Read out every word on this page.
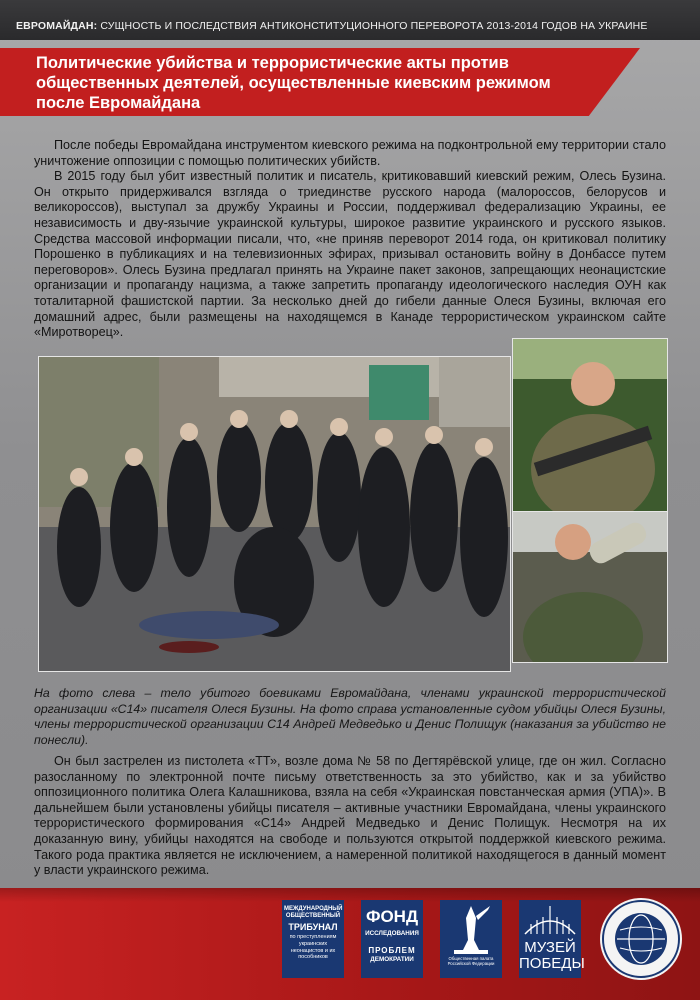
ЕВРОМАЙДАН: СУЩНОСТЬ И ПОСЛЕДСТВИЯ АНТИКОНСТИТУЦИОННОГО ПЕРЕВОРОТА 2013-2014 ГОДОВ НА УКРАИНЕ
Политические убийства и террористические акты против общественных деятелей, осуществленные киевским режимом после Евромайдана

После победы Евромайдана инструментом киевского режима на подконтрольной ему территории стало уничтожение оппозиции с помощью политических убийств.

В 2015 году был убит известный политик и писатель, критиковавший киевский режим, Олесь Бузина. Он открыто придерживался взгляда о триединстве русского народа (малороссов, белорусов и великороссов), выступал за дружбу Украины и России, поддерживал федерализацию Украины, ее независимость и дву-язычие украинской культуры, широкое развитие украинского и русского языков. Средства массовой информации писали, что, «не приняв переворот 2014 года, он критиковал политику Порошенко в публикациях и на телевизионных эфирах, призывал остановить войну в Донбассе путем переговоров». Олесь Бузина предлагал принять на Украине пакет законов, запрещающих неонацистские организации и пропаганду нацизма, а также запретить пропаганду идеологического наследия ОУН как тоталитарной фашистской партии. За несколько дней до гибели данные Олеся Бузины, включая его домашний адрес, были размещены на находящемся в Канаде террористическом украинском сайте «Миротворец».

На фото слева – тело убитого боевиками Евромайдана, членами украинской террористической организации «С14» писателя Олеся Бузины. На фото справа установленные судом убийцы Олеся Бузины, члены террористической организации С14 Андрей Медведько и Денис Полищук (наказания за убийство не понесли).

Он был застрелен из пистолета «ТТ», возле дома № 58 по Дегтярёвской улице, где он жил. Согласно разосланному по электронной почте письму ответственность за это убийство, как и за убийство оппозиционного политика Олега Калашникова, взяла на себя «Украинская повстанческая армия (УПА)». В дальнейшем были установлены убийцы писателя – активные участники Евромайдана, члены украинского террористического формирования «С14» Андрей Медведько и Денис Полищук. Несмотря на их доказанную вину, убийцы находятся на свободе и пользуются открытой поддержкой киевского режима. Такого рода практика является не исключением, а намеренной политикой находящегося в данный момент у власти украинского режима.

МЕЖДУНАРОДНЫЙ ОБЩЕСТВЕННЫЙ
ТРИБУНАЛ
по преступлениям украинских неонацистов и их пособников
ФОНД
ИССЛЕДОВАНИЯ
ПРОБЛЕМ
ДЕМОКРАТИИ	Общественная палата Российской Федерации
МУЗЕЙ
ПОБЕДЫ
